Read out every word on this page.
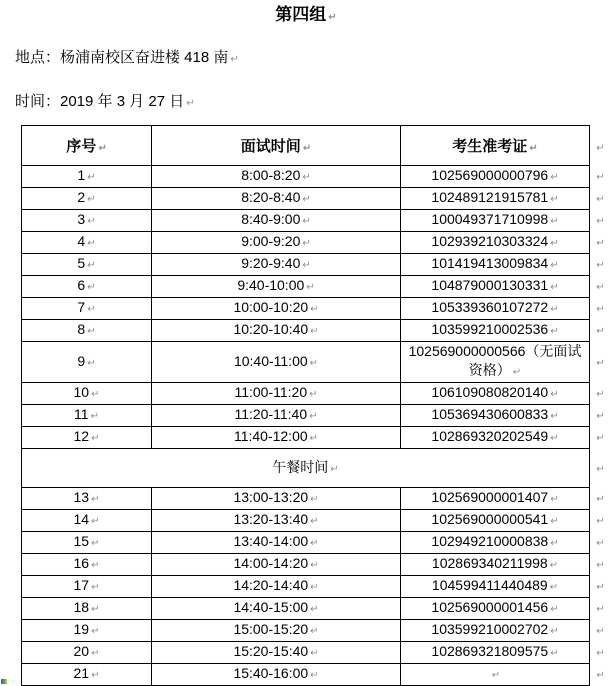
第四组 ↵
地点：杨浦南校区奋进楼 418 南 ↵
时间：2019 年 3 月 27 日 ↵
序号 ↵	面试时间 ↵	考生准考证 ↵	↵
1 ↵	8:00-8:20 ↵	102569000000796 ↵	↵
2 ↵	8:20-8:40 ↵	102489121915781 ↵	↵
3 ↵	8:40-9:00 ↵	100049371710998 ↵	↵
4 ↵	9:00-9:20 ↵	102939210303324 ↵	↵
5 ↵	9:20-9:40 ↵	101419413009834 ↵	↵
6 ↵	9:40-10:00 ↵	104879000130331 ↵	↵
7 ↵	10:00-10:20 ↵	105339360107272 ↵	↵
8 ↵	10:20-10:40 ↵	103599210002536 ↵	↵
9 ↵	10:40-11:00 ↵	102569000000566（无面试资格） ↵	↵
10 ↵	11:00-11:20 ↵	106109080820140 ↵	↵
11 ↵	11:20-11:40 ↵	105369430600833 ↵	↵
12 ↵	11:40-12:00 ↵	102869320202549 ↵	↵
午餐时间 ↵			↵
13 ↵	13:00-13:20 ↵	102569000001407 ↵	↵
14 ↵	13:20-13:40 ↵	102569000000541 ↵	↵
15 ↵	13:40-14:00 ↵	102949210000838 ↵	↵
16 ↵	14:00-14:20 ↵	102869340211998 ↵	↵
17 ↵	14:20-14:40 ↵	104599411440489 ↵	↵
18 ↵	14:40-15:00 ↵	102569000001456 ↵	↵
19 ↵	15:00-15:20 ↵	103599210002702 ↵	↵
20 ↵	15:20-15:40 ↵	102869321809575 ↵	↵
21 ↵	15:40-16:00 ↵	↵	↵
